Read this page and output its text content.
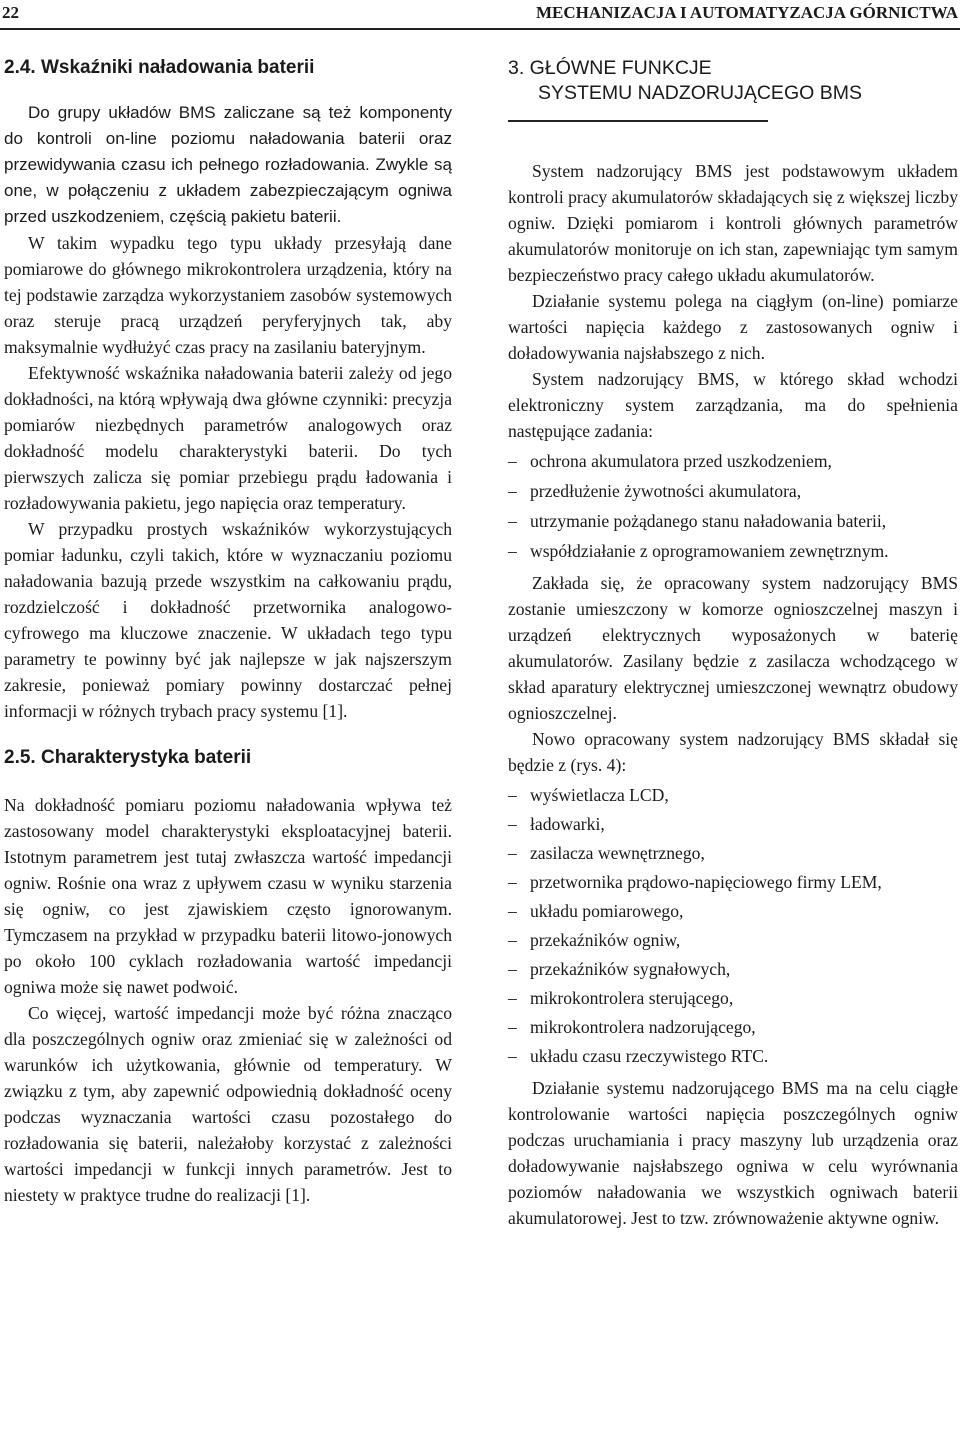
22	MECHANIZACJA I AUTOMATYZACJA GÓRNICTWA
2.4. Wskaźniki naładowania baterii

Do grupy układów BMS zaliczane są też komponenty do kontroli on-line poziomu naładowania baterii oraz przewidywania czasu ich pełnego rozładowania. Zwykle są one, w połączeniu z układem zabezpieczającym ogniwa przed uszkodzeniem, częścią pakietu baterii.

W takim wypadku tego typu układy przesyłają dane pomiarowe do głównego mikrokontrolera urządzenia, który na tej podstawie zarządza wykorzystaniem zasobów systemowych oraz steruje pracą urządzeń peryferyjnych tak, aby maksymalnie wydłużyć czas pracy na zasilaniu bateryjnym.

Efektywność wskaźnika naładowania baterii zależy od jego dokładności, na którą wpływają dwa główne czynniki: precyzja pomiarów niezbędnych parametrów analogowych oraz dokładność modelu charakterystyki baterii. Do tych pierwszych zalicza się pomiar przebiegu prądu ładowania i rozładowywania pakietu, jego napięcia oraz temperatury.

W przypadku prostych wskaźników wykorzystujących pomiar ładunku, czyli takich, które w wyznaczaniu poziomu naładowania bazują przede wszystkim na całkowaniu prądu, rozdzielczość i dokładność przetwornika analogowo-cyfrowego ma kluczowe znaczenie. W układach tego typu parametry te powinny być jak najlepsze w jak najszerszym zakresie, ponieważ pomiary powinny dostarczać pełnej informacji w różnych trybach pracy systemu [1].

2.5. Charakterystyka baterii

Na dokładność pomiaru poziomu naładowania wpływa też zastosowany model charakterystyki eksploatacyjnej baterii. Istotnym parametrem jest tutaj zwłaszcza wartość impedancji ogniw. Rośnie ona wraz z upływem czasu w wyniku starzenia się ogniw, co jest zjawiskiem często ignorowanym. Tymczasem na przykład w przypadku baterii litowo-jonowych po około 100 cyklach rozładowania wartość impedancji ogniwa może się nawet podwoić.

Co więcej, wartość impedancji może być różna znacząco dla poszczególnych ogniw oraz zmieniać się w zależności od warunków ich użytkowania, głównie od temperatury. W związku z tym, aby zapewnić odpowiednią dokładność oceny podczas wyznaczania wartości czasu pozostałego do rozładowania się baterii, należałoby korzystać z zależności wartości impedancji w funkcji innych parametrów. Jest to niestety w praktyce trudne do realizacji [1].

3. GŁÓWNE FUNKCJE
SYSTEMU NADZORUJĄCEGO BMS

System nadzorujący BMS jest podstawowym układem kontroli pracy akumulatorów składających się z większej liczby ogniw. Dzięki pomiarom i kontroli głównych parametrów akumulatorów monitoruje on ich stan, zapewniając tym samym bezpieczeństwo pracy całego układu akumulatorów.

Działanie systemu polega na ciągłym (on-line) pomiarze wartości napięcia każdego z zastosowanych ogniw i doładowywania najsłabszego z nich.

System nadzorujący BMS, w którego skład wchodzi elektroniczny system zarządzania, ma do spełnienia następujące zadania:

– ochrona akumulatora przed uszkodzeniem,
– przedłużenie żywotności akumulatora,
– utrzymanie pożądanego stanu naładowania baterii,
– współdziałanie z oprogramowaniem zewnętrznym.

Zakłada się, że opracowany system nadzorujący BMS zostanie umieszczony w komorze ognioszczelnej maszyn i urządzeń elektrycznych wyposażonych w baterię akumulatorów. Zasilany będzie z zasilacza wchodzącego w skład aparatury elektrycznej umieszczonej wewnątrz obudowy ognioszczelnej.

Nowo opracowany system nadzorujący BMS składał się będzie z (rys. 4):

– wyświetlacza LCD,
– ładowarki,
– zasilacza wewnętrznego,
– przetwornika prądowo-napięciowego firmy LEM,
– układu pomiarowego,
– przekaźników ogniw,
– przekaźników sygnałowych,
– mikrokontrolera sterującego,
– mikrokontrolera nadzorującego,
– układu czasu rzeczywistego RTC.

Działanie systemu nadzorującego BMS ma na celu ciągłe kontrolowanie wartości napięcia poszczególnych ogniw podczas uruchamiania i pracy maszyny lub urządzenia oraz doładowywanie najsłabszego ogniwa w celu wyrównania poziomów naładowania we wszystkich ogniwach baterii akumulatorowej. Jest to tzw. zrównoważenie aktywne ogniw.
